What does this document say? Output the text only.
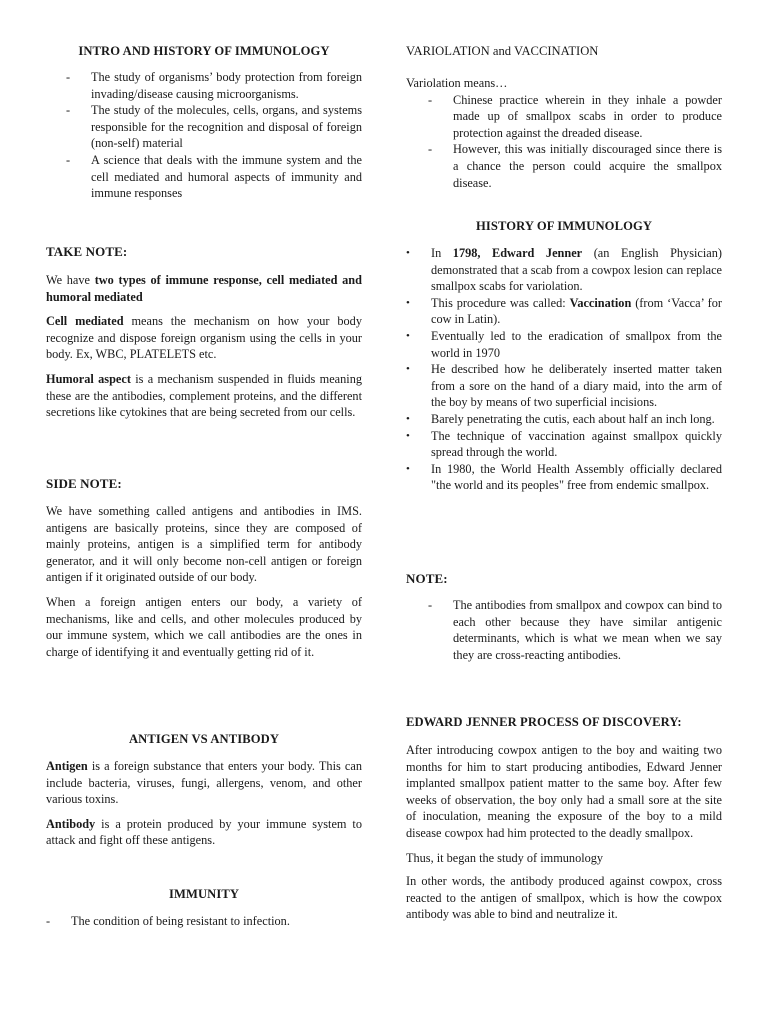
INTRO AND HISTORY OF IMMUNOLOGY
- The study of organisms’ body protection from foreign invading/disease causing microorganisms.
- The study of the molecules, cells, organs, and systems responsible for the recognition and disposal of foreign (non-self) material
- A science that deals with the immune system and the cell mediated and humoral aspects of immunity and immune responses
TAKE NOTE:

We have two types of immune response, cell mediated and humoral mediated

Cell mediated means the mechanism on how your body recognize and dispose foreign organism using the cells in your body. Ex, WBC, PLATELETS etc.

Humoral aspect is a mechanism suspended in fluids meaning these are the antibodies, complement proteins, and the different secretions like cytokines that are being secreted from our cells.

SIDE NOTE:

We have something called antigens and antibodies in IMS. antigens are basically proteins, since they are composed of mainly proteins, antigen is a simplified term for antibody generator, and it will only become non-cell antigen or foreign antigen if it originated outside of our body.

When a foreign antigen enters our body, a variety of mechanisms, like and cells, and other molecules produced by our immune system, which we call antibodies are the ones in charge of identifying it and eventually getting rid of it.

ANTIGEN VS ANTIBODY

Antigen is a foreign substance that enters your body. This can include bacteria, viruses, fungi, allergens, venom, and other various toxins.

Antibody is a protein produced by your immune system to attack and fight off these antigens.

IMMUNITY
- The condition of being resistant to infection.
VARIOLATION and VACCINATION

Variolation means…

- Chinese practice wherein in they inhale a powder made up of smallpox scabs in order to produce protection against the dreaded disease.
- However, this was initially discouraged since there is a chance the person could acquire the smallpox disease.
HISTORY OF IMMUNOLOGY
• In 1798, Edward Jenner (an English Physician) demonstrated that a scab from a cowpox lesion can replace smallpox scabs for variolation.
• This procedure was called: Vaccination (from ‘Vacca’ for cow in Latin).
• Eventually led to the eradication of smallpox from the world in 1970
• He described how he deliberately inserted matter taken from a sore on the hand of a diary maid, into the arm of the boy by means of two superficial incisions.
• Barely penetrating the cutis, each about half an inch long.
• The technique of vaccination against smallpox quickly spread through the world.
• In 1980, the World Health Assembly officially declared "the world and its peoples" free from endemic smallpox.
NOTE:
- The antibodies from smallpox and cowpox can bind to each other because they have similar antigenic determinants, which is what we mean when we say they are cross-reacting antibodies.
EDWARD JENNER PROCESS OF DISCOVERY:

After introducing cowpox antigen to the boy and waiting two months for him to start producing antibodies, Edward Jenner implanted smallpox patient matter to the same boy. After few weeks of observation, the boy only had a small sore at the site of inoculation, meaning the exposure of the boy to a mild disease cowpox had him protected to the deadly smallpox.

Thus, it began the study of immunology

In other words, the antibody produced against cowpox, cross reacted to the antigen of smallpox, which is how the cowpox antibody was able to bind and neutralize it.
